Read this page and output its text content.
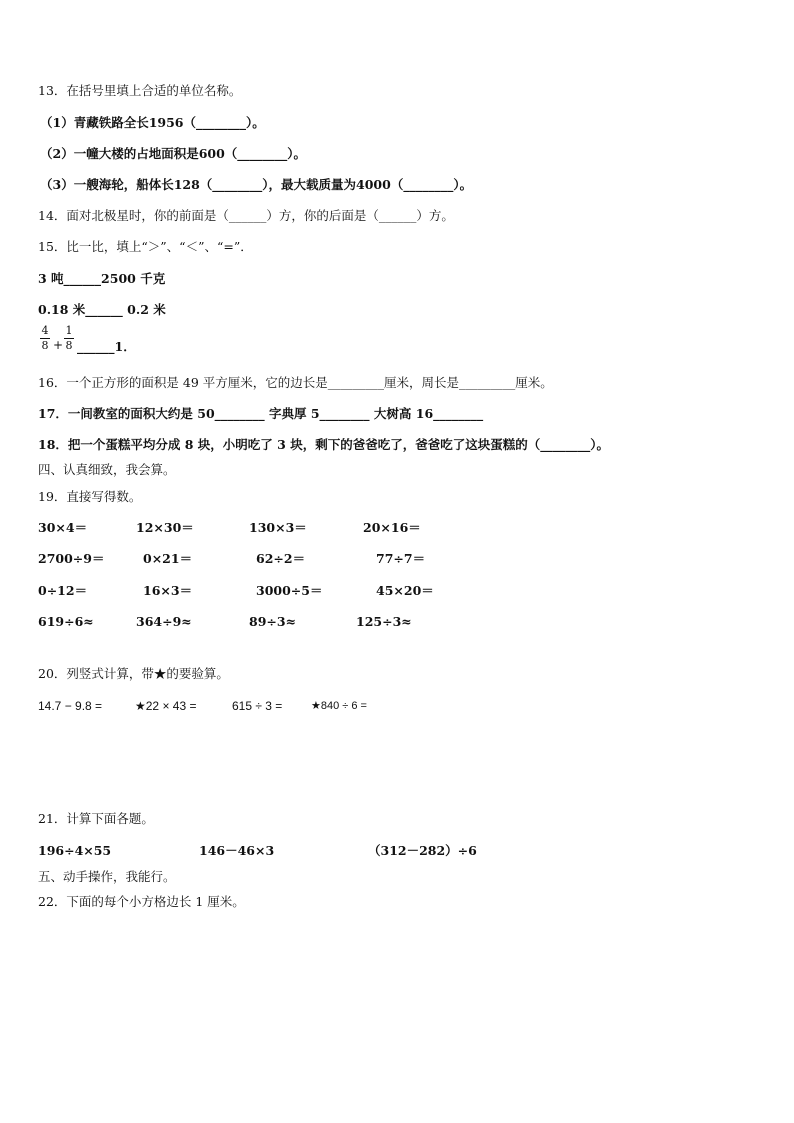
13．在括号里填上合适的单位名称。
（1）青藏铁路全长1956（________）。
（2）一幢大楼的占地面积是600（________）。
（3）一艘海轮，船体长128（________），最大载质量为4000（________）。
14．面对北极星时，你的前面是（______）方，你的后面是（______）方。
15．比一比，填上“＞”、“＜”、“=”．
3 吨______2500 千克
0.18 米______ 0.2 米
4
8 +
1
8 ______1．
16．一个正方形的面积是 49 平方厘米，它的边长是_________厘米，周长是_________厘米。
17．一间教室的面积大约是 50________ 字典厚 5________ 大树高 16________
18．把一个蛋糕平均分成 8 块，小明吃了 3 块，剩下的爸爸吃了，爸爸吃了这块蛋糕的（________）。
四、认真细致，我会算。
19．直接写得数。
30×4＝	12×30＝	130×3＝	20×16＝
2700÷9＝	0×21＝	62÷2＝	77÷7＝
0÷12＝	16×3＝	3000÷5＝	45×20＝
619÷6≈	364÷9≈	89÷3≈	125÷3≈
20．列竖式计算，带★的要验算。
14.7 − 9.8 =	★22 × 43 =	615 ÷ 3 =	★840 ÷ 6 =
21．计算下面各题。
196÷4×55	146－46×3	（312－282）÷6
五、动手操作，我能行。
22．下面的每个小方格边长 1 厘米。
